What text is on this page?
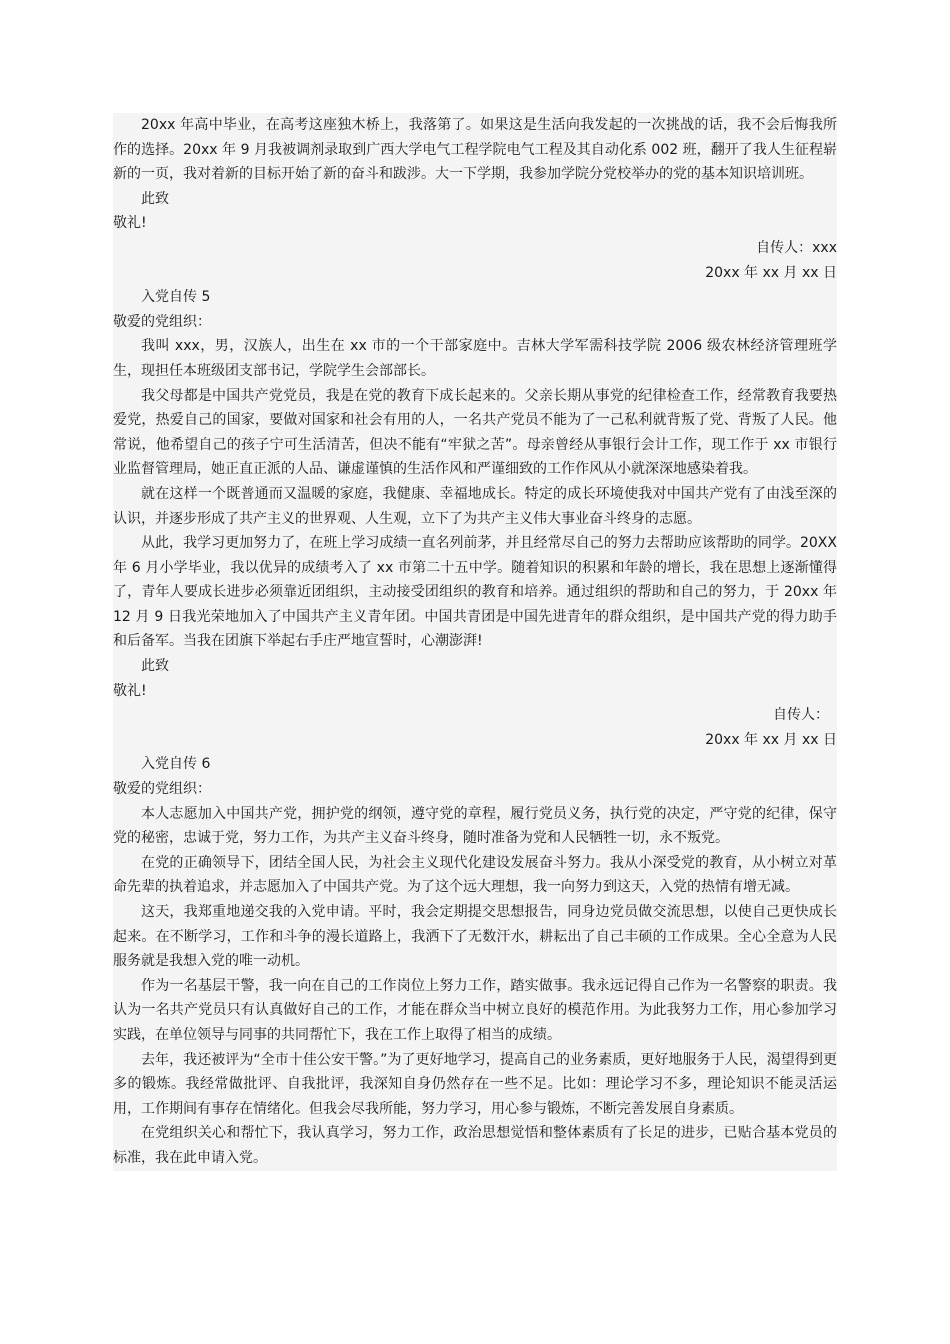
20xx 年高中毕业，在高考这座独木桥上，我落第了。如果这是生活向我发起的一次挑战的话，我不会后悔我所作的选择。20xx 年 9 月我被调剂录取到广西大学电气工程学院电气工程及其自动化系 002 班，翻开了我人生征程崭新的一页，我对着新的目标开始了新的奋斗和跋涉。大一下学期，我参加学院分党校举办的党的基本知识培训班。

此致

敬礼!

自传人：xxx

20xx 年 xx 月 xx 日

入党自传 5

敬爱的党组织：

我叫 xxx，男，汉族人，出生在 xx 市的一个干部家庭中。吉林大学军需科技学院 2006 级农林经济管理班学生，现担任本班级团支部书记，学院学生会部部长。

我父母都是中国共产党党员，我是在党的教育下成长起来的。父亲长期从事党的纪律检查工作，经常教育我要热爱党，热爱自己的国家，要做对国家和社会有用的人，一名共产党员不能为了一己私利就背叛了党、背叛了人民。他常说，他希望自己的孩子宁可生活清苦，但决不能有“牢狱之苦”。母亲曾经从事银行会计工作，现工作于 xx 市银行业监督管理局，她正直正派的人品、谦虚谨慎的生活作风和严谨细致的工作作风从小就深深地感染着我。

就在这样一个既普通而又温暖的家庭，我健康、幸福地成长。特定的成长环境使我对中国共产党有了由浅至深的认识，并逐步形成了共产主义的世界观、人生观，立下了为共产主义伟大事业奋斗终身的志愿。

从此，我学习更加努力了，在班上学习成绩一直名列前茅，并且经常尽自己的努力去帮助应该帮助的同学。20XX 年 6 月小学毕业，我以优异的成绩考入了 xx 市第二十五中学。随着知识的积累和年龄的增长，我在思想上逐渐懂得了，青年人要成长进步必须靠近团组织，主动接受团组织的教育和培养。通过组织的帮助和自己的努力，于 20xx 年 12 月 9 日我光荣地加入了中国共产主义青年团。中国共青团是中国先进青年的群众组织，是中国共产党的得力助手和后备军。当我在团旗下举起右手庄严地宣誓时，心潮澎湃!

此致

敬礼!

自传人：

20xx 年 xx 月 xx 日

入党自传 6

敬爱的党组织：

本人志愿加入中国共产党，拥护党的纲领，遵守党的章程，履行党员义务，执行党的决定，严守党的纪律，保守党的秘密，忠诚于党，努力工作，为共产主义奋斗终身，随时准备为党和人民牺牲一切，永不叛党。

在党的正确领导下，团结全国人民，为社会主义现代化建设发展奋斗努力。我从小深受党的教育，从小树立对革命先辈的执着追求，并志愿加入了中国共产党。为了这个远大理想，我一向努力到这天，入党的热情有增无减。

这天，我郑重地递交我的入党申请。平时，我会定期提交思想报告，同身边党员做交流思想，以使自己更快成长起来。在不断学习，工作和斗争的漫长道路上，我洒下了无数汗水，耕耘出了自己丰硕的工作成果。全心全意为人民服务就是我想入党的唯一动机。

作为一名基层干警，我一向在自己的工作岗位上努力工作，踏实做事。我永远记得自己作为一名警察的职责。我认为一名共产党员只有认真做好自己的工作，才能在群众当中树立良好的模范作用。为此我努力工作，用心参加学习实践，在单位领导与同事的共同帮忙下，我在工作上取得了相当的成绩。

去年，我还被评为“全市十佳公安干警。”为了更好地学习，提高自己的业务素质，更好地服务于人民，渴望得到更多的锻炼。我经常做批评、自我批评，我深知自身仍然存在一些不足。比如：理论学习不多，理论知识不能灵活运用，工作期间有事存在情绪化。但我会尽我所能，努力学习，用心参与锻炼，不断完善发展自身素质。

在党组织关心和帮忙下，我认真学习，努力工作，政治思想觉悟和整体素质有了长足的进步，已贴合基本党员的标准，我在此申请入党。
